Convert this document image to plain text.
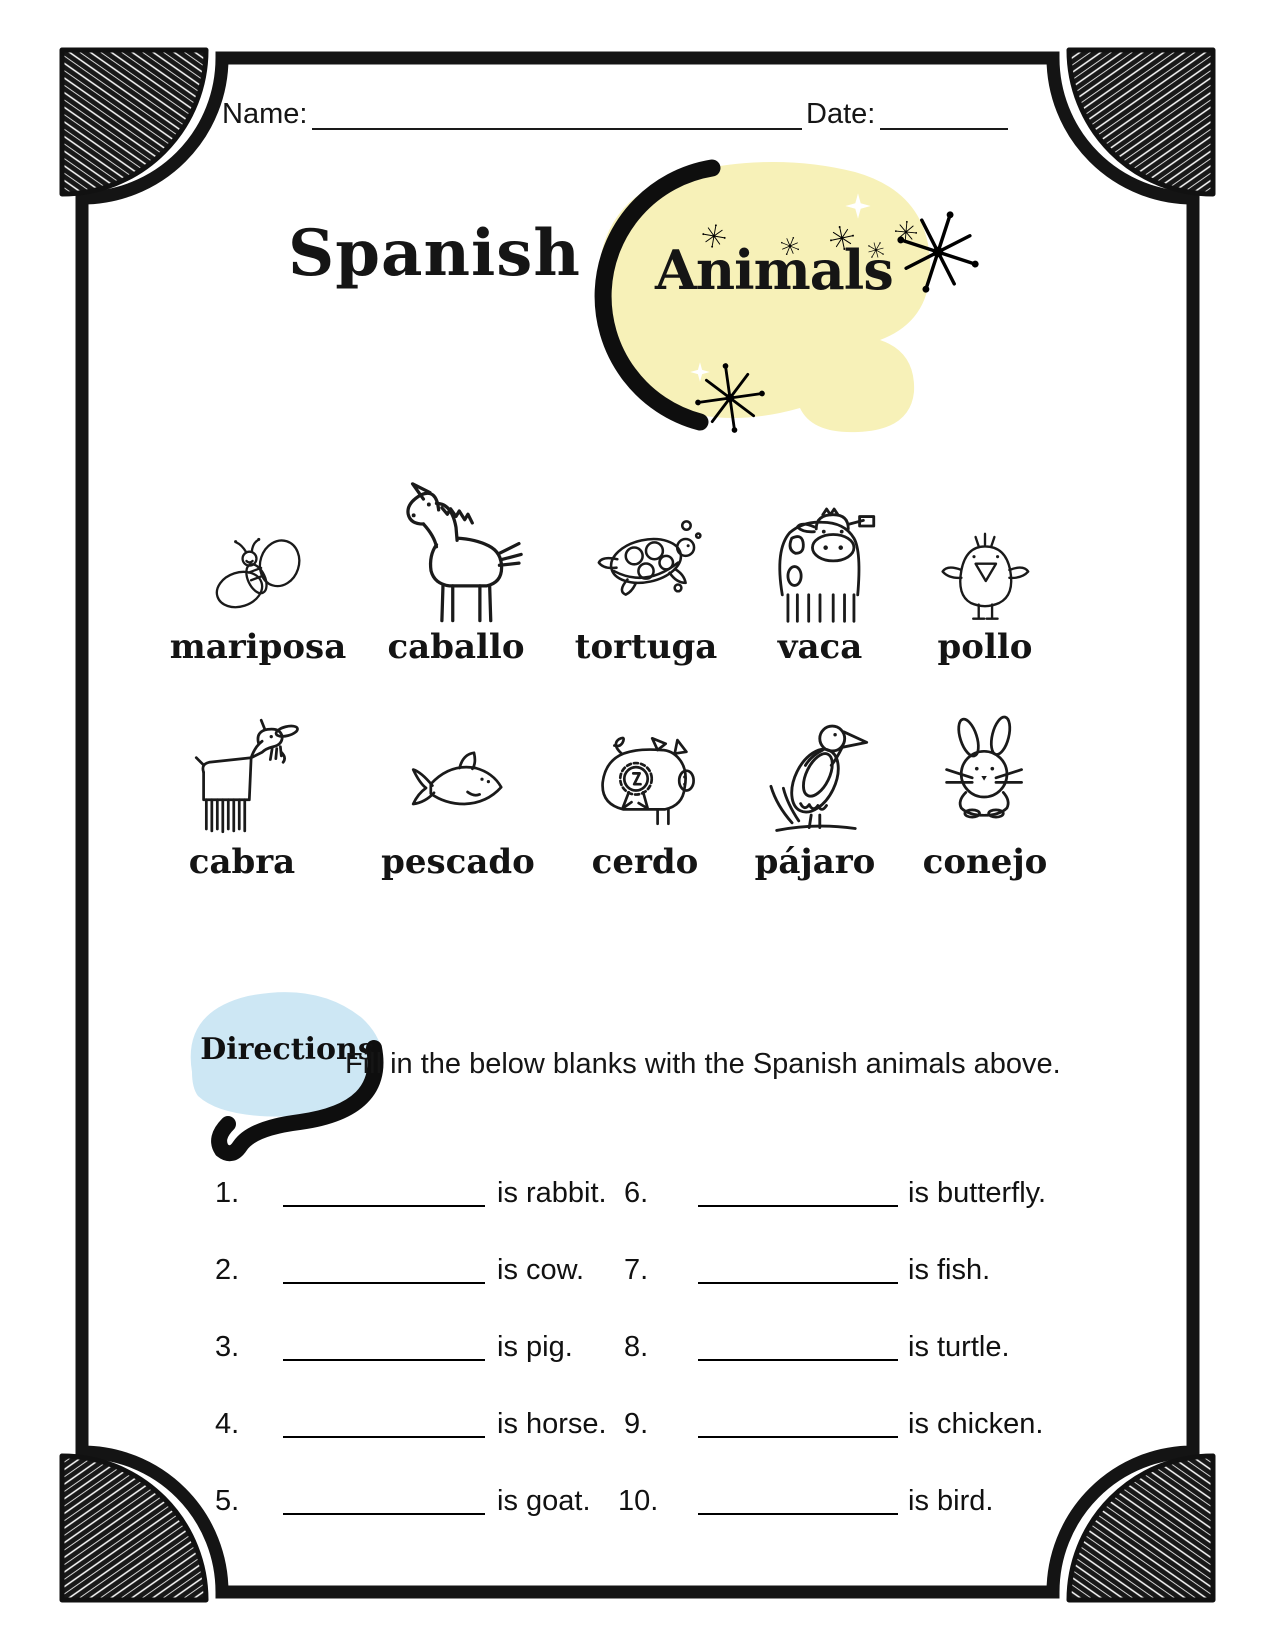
Name:	Date:
Spanish Animals
mariposa	caballo	tortuga	vaca	pollo
cabra	pescado	cerdo	pájaro	conejo
Directions
Fill in the below blanks with the Spanish animals above.
1.	is rabbit. 6.	is butterfly.
2.	is cow. 7.	is fish.
3.	is pig. 8.	is turtle.
4.	is horse. 9.	is chicken.
5.	is goat. 10.	is bird.
